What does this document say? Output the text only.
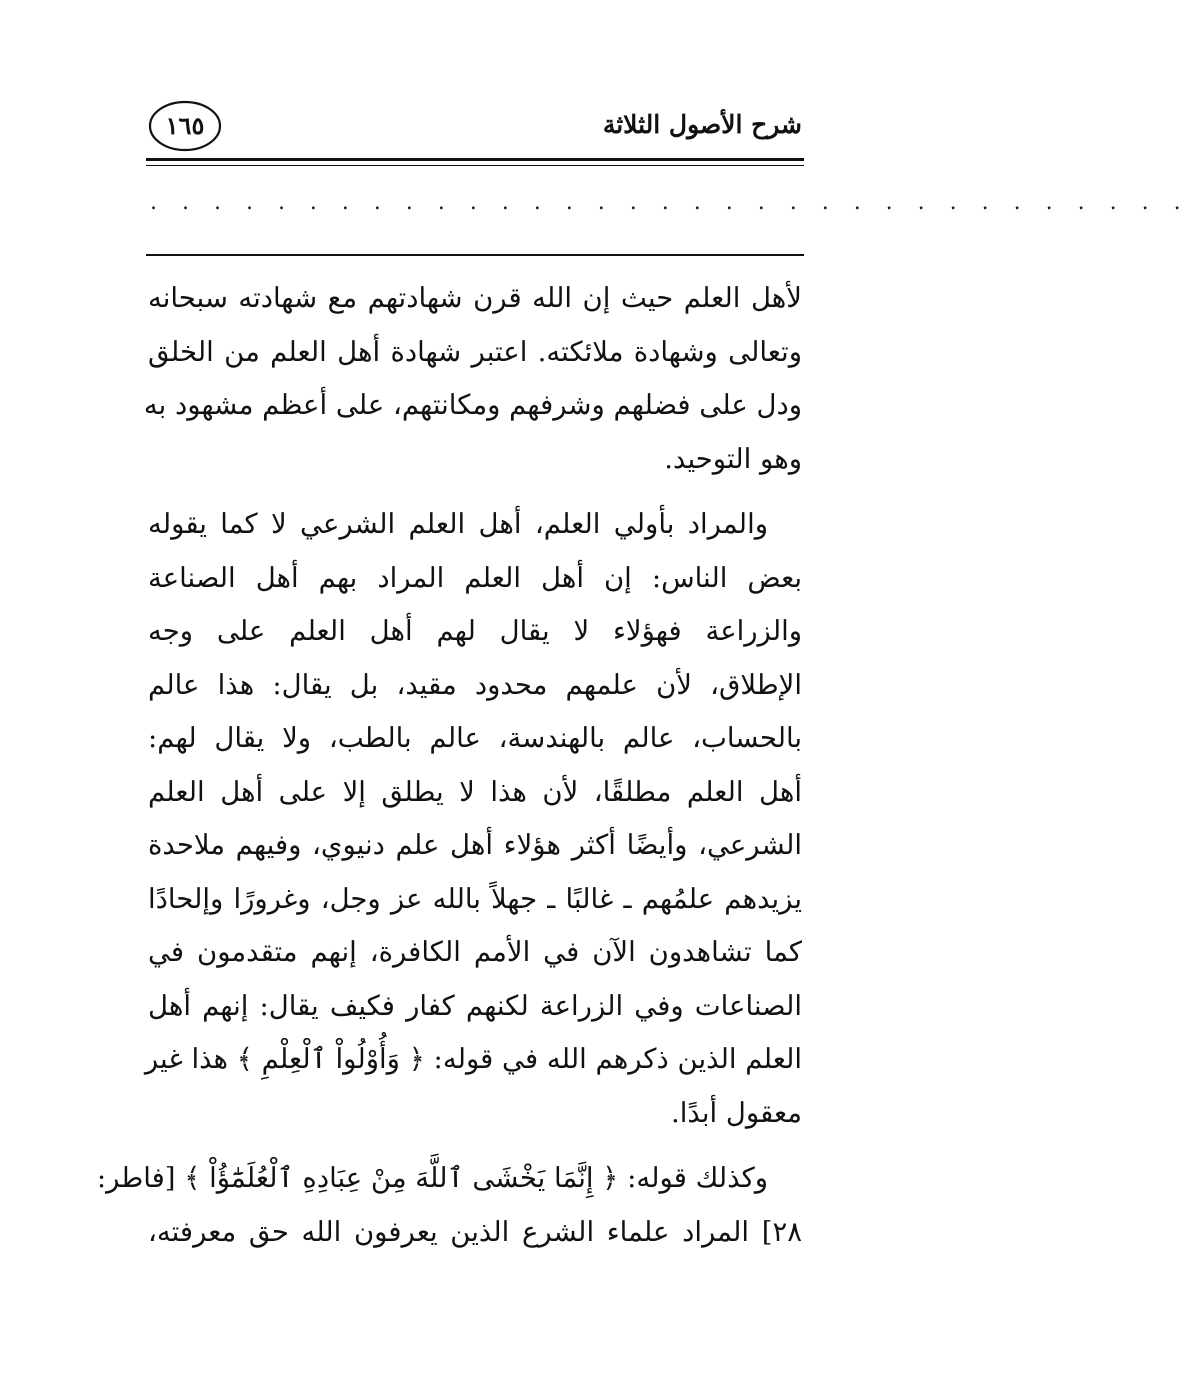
شرح الأصول الثلاثة
١٦٥
. . . . . . . . . . . . . . . . . . . . . . . . . . . . . . . . .
لأهل العلم حيث إن الله قرن شهادتهم مع شهادته سبحانه
وتعالى وشهادة ملائكته. اعتبر شهادة أهل العلم من الخلق
ودل على فضلهم وشرفهم ومكانتهم، على أعظم مشهود به
وهو التوحيد.
والمراد بأولي العلم، أهل العلم الشرعي لا كما يقوله
بعض الناس: إن أهل العلم المراد بهم أهل الصناعة
والزراعة فهؤلاء لا يقال لهم أهل العلم على وجه
الإطلاق، لأن علمهم محدود مقيد، بل يقال: هذا عالم
بالحساب، عالم بالهندسة، عالم بالطب، ولا يقال لهم:
أهل العلم مطلقًا، لأن هذا لا يطلق إلا على أهل العلم
الشرعي، وأيضًا أكثر هؤلاء أهل علم دنيوي، وفيهم ملاحدة
يزيدهم علمُهم ـ غالبًا ـ جهلاً بالله عز وجل، وغرورًا وإلحادًا
كما تشاهدون الآن في الأمم الكافرة، إنهم متقدمون في
الصناعات وفي الزراعة لكنهم كفار فكيف يقال: إنهم أهل
العلم الذين ذكرهم الله في قوله: ﴿ وَأُوْلُواْ ٱلْعِلْمِ ﴾ هذا غير
معقول أبدًا.
وكذلك قوله: ﴿ إِنَّمَا يَخْشَى ٱللَّهَ مِنْ عِبَادِهِ ٱلْعُلَمَٰٓؤُاْ ﴾ [فاطر:
٢٨] المراد علماء الشرع الذين يعرفون الله حق معرفته،
